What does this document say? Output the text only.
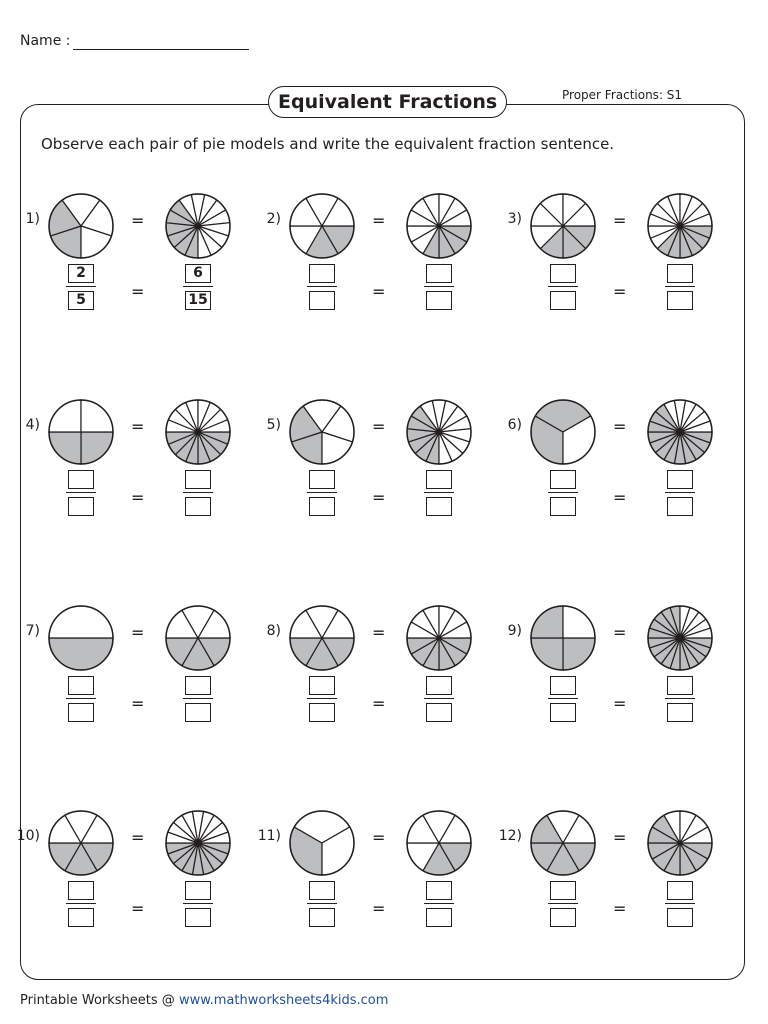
Name :
Equivalent Fractions	Proper Fractions: S1
Observe each pair of pie models and write the equivalent fraction sentence.
1)	=
$\frac{2}{5}$ =	$\frac{6}{15}$
2)	=
=
3)	=
=
4)	=
=
5)	=
=
6)	=
=
7)	=
=
8)	=
=
9)	=
=
10)	=
=
11)	=
=
12)	=
=
Printable Worksheets @ www.mathworksheets4kids.com
